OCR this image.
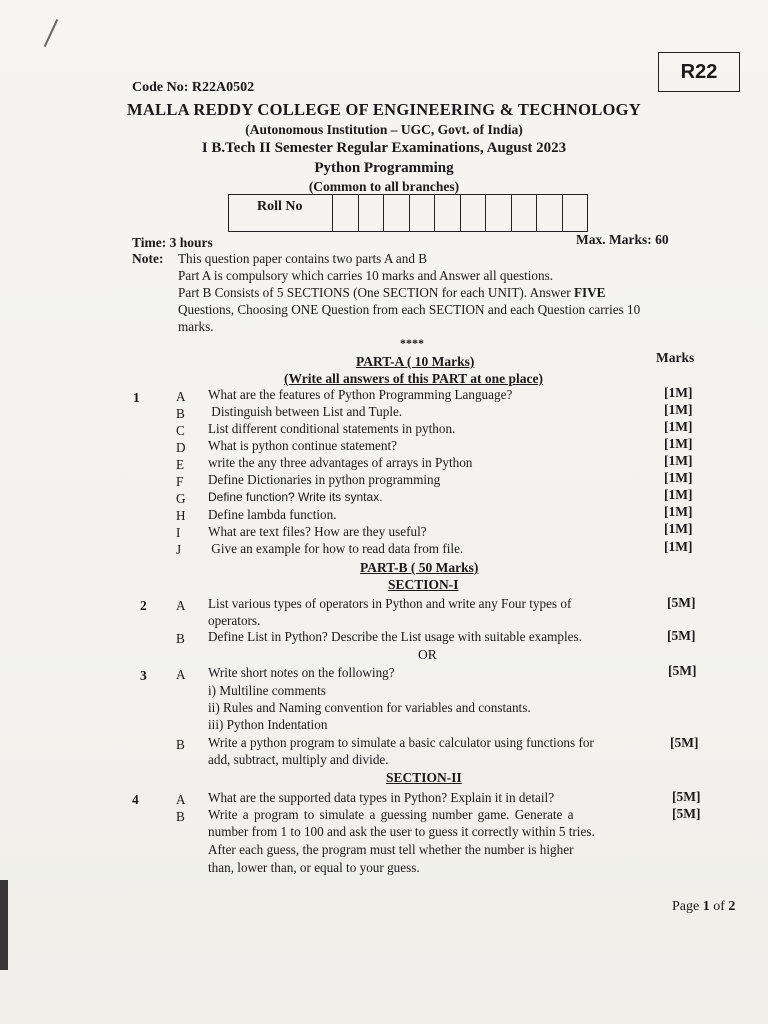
R22
Code No: R22A0502
MALLA REDDY COLLEGE OF ENGINEERING & TECHNOLOGY
(Autonomous Institution – UGC, Govt. of India)
I B.Tech II Semester Regular Examinations, August 2023
Python Programming
(Common to all branches)
Roll No										
Time: 3 hours	Max. Marks: 60
Note: This question paper contains two parts A and B
Part A is compulsory which carries 10 marks and Answer all questions.
Part B Consists of 5 SECTIONS (One SECTION for each UNIT). Answer FIVE
Questions, Choosing ONE Question from each SECTION and each Question carries 10
marks.
****
PART-A ( 10 Marks)	Marks
(Write all answers of this PART at one place)
1	A What are the features of Python Programming Language?	[1M]
B Distinguish between List and Tuple.	[1M]
C List different conditional statements in python.	[1M]
D What is python continue statement?	[1M]
E write the any three advantages of arrays in Python	[1M]
F Define Dictionaries in python programming	[1M]
G Define function? Write its syntax.	[1M]
H Define lambda function.	[1M]
I What are text files? How are they useful?	[1M]
J Give an example for how to read data from file.	[1M]
PART-B ( 50 Marks)
SECTION-I
2 A List various types of operators in Python and write any Four types of
operators.
[5M]
B Define List in Python? Describe the List usage with suitable examples.	[5M]
OR
3 A Write short notes on the following?
i) Multiline comments
ii) Rules and Naming convention for variables and constants.
iii) Python Indentation
[5M]
B Write a python program to simulate a basic calculator using functions for
add, subtract, multiply and divide.
[5M]
SECTION-II
4	A What are the supported data types in Python? Explain it in detail?	[5M]
B Write a program to simulate a guessing number game. Generate a
number from 1 to 100 and ask the user to guess it correctly within 5 tries.
After each guess, the program must tell whether the number is higher
than, lower than, or equal to your guess.
[5M]
Page 1 of 2
